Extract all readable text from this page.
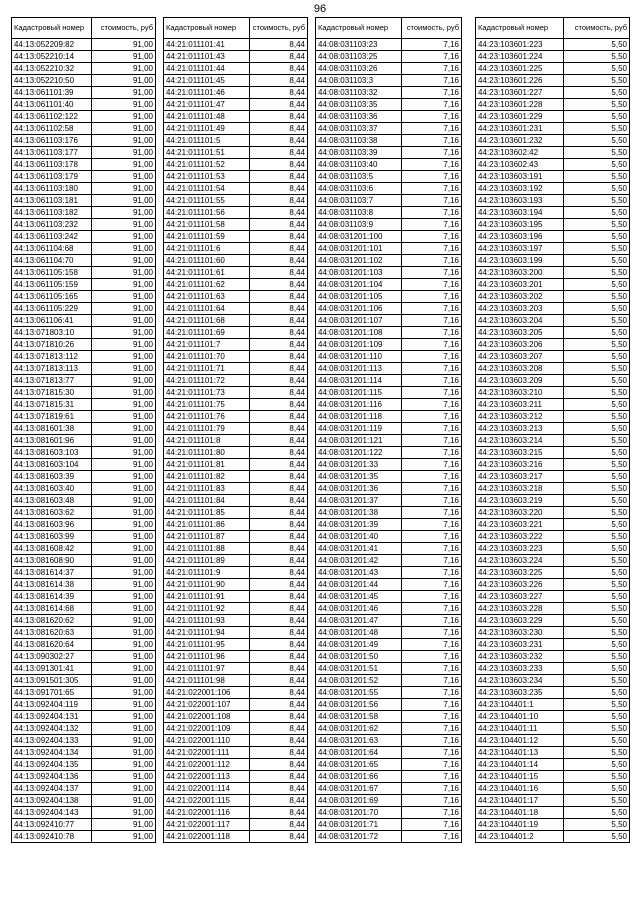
96
Кадастровый номер	стоимость, руб
44:13:052209:82	91,00
44:13:052210:14	91,00
44:13:052210:32	91,00
44:13:052210:50	91,00
44:13:061101:39	91,00
44:13:061101:40	91,00
44:13:061102:122	91,00
44:13:061102:58	91,00
44:13:061103:176	91,00
44:13:061103:177	91,00
44:13:061103:178	91,00
44:13:061103:179	91,00
44:13:061103:180	91,00
44:13:061103:181	91,00
44:13:061103:182	91,00
44:13:061103:232	91,00
44:13:061103:242	91,00
44:13:061104:68	91,00
44:13:061104:70	91,00
44:13:061105:158	91,00
44:13:061105:159	91,00
44:13:061105:165	91,00
44:13:061105:229	91,00
44:13:061106:41	91,00
44:13:071803:10	91,00
44:13:071810:26	91,00
44:13:071813:112	91,00
44:13:071813:113	91,00
44:13:071813:77	91,00
44:13:071815:30	91,00
44:13:071815:31	91,00
44:13:071819:61	91,00
44:13:081601:38	91,00
44:13:081601:96	91,00
44:13:081603:103	91,00
44:13:081603:104	91,00
44:13:081603:39	91,00
44:13:081603:40	91,00
44:13:081603:48	91,00
44:13:081603:62	91,00
44:13:081603:96	91,00
44:13:081603:99	91,00
44:13:081608:42	91,00
44:13:081608:90	91,00
44:13:081614:37	91,00
44:13:081614:38	91,00
44:13:081614:39	91,00
44:13:081614:68	91,00
44:13:081620:62	91,00
44:13:081620:63	91,00
44:13:081620:64	91,00
44:13:090302:27	91,00
44:13:091301:41	91,00
44:13:091501:305	91,00
44:13:091701:65	91,00
44:13:092404:119	91,00
44:13:092404:131	91,00
44:13:092404:132	91,00
44:13:092404:133	91,00
44:13:092404:134	91,00
44:13:092404:135	91,00
44:13:092404:136	91,00
44:13:092404:137	91,00
44:13:092404:138	91,00
44:13:092404:143	91,00
44:13:092410:77	91,00
44:13:092410:78	91,00
Кадастровый номер	стоимость, руб
44:21:011101:41	8,44
44:21:011101:43	8,44
44:21:011101:44	8,44
44:21:011101:45	8,44
44:21:011101:46	8,44
44:21:011101:47	8,44
44:21:011101:48	8,44
44:21:011101:49	8,44
44:21:011101:5	8,44
44:21:011101:51	8,44
44:21:011101:52	8,44
44:21:011101:53	8,44
44:21:011101:54	8,44
44:21:011101:55	8,44
44:21:011101:56	8,44
44:21:011101:58	8,44
44:21:011101:59	8,44
44:21:011101:6	8,44
44:21:011101:60	8,44
44:21:011101:61	8,44
44:21:011101:62	8,44
44:21:011101:63	8,44
44:21:011101:64	8,44
44:21:011101:68	8,44
44:21:011101:69	8,44
44:21:011101:7	8,44
44:21:011101:70	8,44
44:21:011101:71	8,44
44:21:011101:72	8,44
44:21:011101:73	8,44
44:21:011101:75	8,44
44:21:011101:76	8,44
44:21:011101:79	8,44
44:21:011101:8	8,44
44:21:011101:80	8,44
44:21:011101:81	8,44
44:21:011101:82	8,44
44:21:011101:83	8,44
44:21:011101:84	8,44
44:21:011101:85	8,44
44:21:011101:86	8,44
44:21:011101:87	8,44
44:21:011101:88	8,44
44:21:011101:89	8,44
44:21:011101:9	8,44
44:21:011101:90	8,44
44:21:011101:91	8,44
44:21:011101:92	8,44
44:21:011101:93	8,44
44:21:011101:94	8,44
44:21:011101:95	8,44
44:21:011101:96	8,44
44:21:011101:97	8,44
44:21:011101:98	8,44
44:21:022001:106	8,44
44:21:022001:107	8,44
44:21:022001:108	8,44
44:21:022001:109	8,44
44:21:022001:110	8,44
44:21:022001:111	8,44
44:21:022001:112	8,44
44:21:022001:113	8,44
44:21:022001:114	8,44
44:21:022001:115	8,44
44:21:022001:116	8,44
44:21:022001:117	8,44
44:21:022001:118	8,44
Кадастровый номер	стоимость, руб
44:08:031103:23	7,16
44:08:031103:25	7,16
44:08:031103:26	7,16
44:08:031103:3	7,16
44:08:031103:32	7,16
44:08:031103:35	7,16
44:08:031103:36	7,16
44:08:031103:37	7,16
44:08:031103:38	7,16
44:08:031103:39	7,16
44:08:031103:40	7,16
44:08:031103:5	7,16
44:08:031103:6	7,16
44:08:031103:7	7,16
44:08:031103:8	7,16
44:08:031103:9	7,16
44:08:031201:100	7,16
44:08:031201:101	7,16
44:08:031201:102	7,16
44:08:031201:103	7,16
44:08:031201:104	7,16
44:08:031201:105	7,16
44:08:031201:106	7,16
44:08:031201:107	7,16
44:08:031201:108	7,16
44:08:031201:109	7,16
44:08:031201:110	7,16
44:08:031201:113	7,16
44:08:031201:114	7,16
44:08:031201:115	7,16
44:08:031201:116	7,16
44:08:031201:118	7,16
44:08:031201:119	7,16
44:08:031201:121	7,16
44:08:031201:122	7,16
44:08:031201:33	7,16
44:08:031201:35	7,16
44:08:031201:36	7,16
44:08:031201:37	7,16
44:08:031201:38	7,16
44:08:031201:39	7,16
44:08:031201:40	7,16
44:08:031201:41	7,16
44:08:031201:42	7,16
44:08:031201:43	7,16
44:08:031201:44	7,16
44:08:031201:45	7,16
44:08:031201:46	7,16
44:08:031201:47	7,16
44:08:031201:48	7,16
44:08:031201:49	7,16
44:08:031201:50	7,16
44:08:031201:51	7,16
44:08:031201:52	7,16
44:08:031201:55	7,16
44:08:031201:56	7,16
44:08:031201:58	7,16
44:08:031201:62	7,16
44:08:031201:63	7,16
44:08:031201:64	7,16
44:08:031201:65	7,16
44:08:031201:66	7,16
44:08:031201:67	7,16
44:08:031201:69	7,16
44:08:031201:70	7,16
44:08:031201:71	7,16
44:08:031201:72	7,16
Кадастровый номер	стоимость, руб
44:23:103601:223	5,50
44:23:103601:224	5,50
44:23:103601:225	5,50
44:23:103601:226	5,50
44:23:103601:227	5,50
44:23:103601:228	5,50
44:23:103601:229	5,50
44:23:103601:231	5,50
44:23:103601:232	5,50
44:23:103602:42	5,50
44:23:103602:43	5,50
44:23:103603:191	5,50
44:23:103603:192	5,50
44:23:103603:193	5,50
44:23:103603:194	5,50
44:23:103603:195	5,50
44:23:103603:196	5,50
44:23:103603:197	5,50
44:23:103603:199	5,50
44:23:103603:200	5,50
44:23:103603:201	5,50
44:23:103603:202	5,50
44:23:103603:203	5,50
44:23:103603:204	5,50
44:23:103603:205	5,50
44:23:103603:206	5,50
44:23:103603:207	5,50
44:23:103603:208	5,50
44:23:103603:209	5,50
44:23:103603:210	5,50
44:23:103603:211	5,50
44:23:103603:212	5,50
44:23:103603:213	5,50
44:23:103603:214	5,50
44:23:103603:215	5,50
44:23:103603:216	5,50
44:23:103603:217	5,50
44:23:103603:218	5,50
44:23:103603:219	5,50
44:23:103603:220	5,50
44:23:103603:221	5,50
44:23:103603:222	5,50
44:23:103603:223	5,50
44:23:103603:224	5,50
44:23:103603:225	5,50
44:23:103603:226	5,50
44:23:103603:227	5,50
44:23:103603:228	5,50
44:23:103603:229	5,50
44:23:103603:230	5,50
44:23:103603:231	5,50
44:23:103603:232	5,50
44:23:103603:233	5,50
44:23:103603:234	5,50
44:23:103603:235	5,50
44:23:104401:1	5,50
44:23:104401:10	5,50
44:23:104401:11	5,50
44:23:104401:12	5,50
44:23:104401:13	5,50
44:23:104401:14	5,50
44:23:104401:15	5,50
44:23:104401:16	5,50
44:23:104401:17	5,50
44:23:104401:18	5,50
44:23:104401:19	5,50
44:23:104401:2	5,50
